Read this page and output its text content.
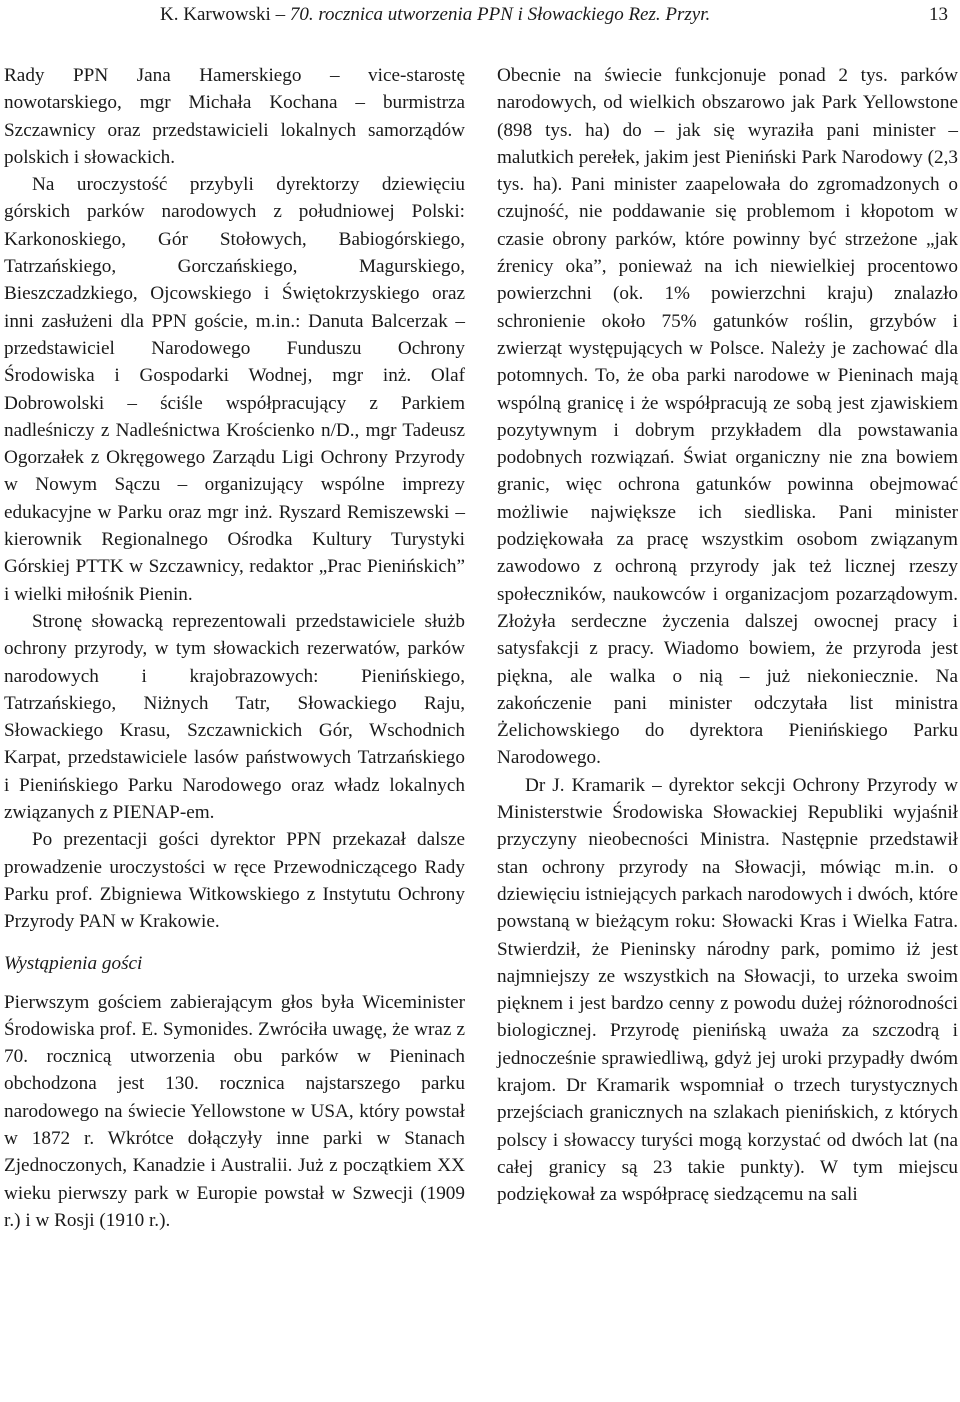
K. Karwowski – 70. rocznica utworzenia PPN i Słowackiego Rez. Przyr.	13

Rady PPN Jana Hamerskiego – vice-starostę nowotarskiego, mgr Michała Kochana – burmistrza Szczawnicy oraz przedstawicieli lokalnych samorządów polskich i słowackich.

Na uroczystość przybyli dyrektorzy dziewięciu górskich parków narodowych z południowej Polski: Karkonoskiego, Gór Stołowych, Babiogórskiego, Tatrzańskiego, Gorczańskiego, Magurskiego, Bieszczadzkiego, Ojcowskiego i Świętokrzyskiego oraz inni zasłużeni dla PPN goście, m.in.: Danuta Balcerzak – przedstawiciel Narodowego Funduszu Ochrony Środowiska i Gospodarki Wodnej, mgr inż. Olaf Dobrowolski – ściśle współpracujący z Parkiem nadleśniczy z Nadleśnictwa Krościenko n/D., mgr Tadeusz Ogorzałek z Okręgowego Zarządu Ligi Ochrony Przyrody w Nowym Sączu – organizujący wspólne imprezy edukacyjne w Parku oraz mgr inż. Ryszard Remiszewski – kierownik Regionalnego Ośrodka Kultury Turystyki Górskiej PTTK w Szczawnicy, redaktor „Prac Pienińskich” i wielki miłośnik Pienin.

Stronę słowacką reprezentowali przedstawiciele służb ochrony przyrody, w tym słowackich rezerwatów, parków narodowych i krajobrazowych: Pienińskiego, Tatrzańskiego, Niżnych Tatr, Słowackiego Raju, Słowackiego Krasu, Szczawnickich Gór, Wschodnich Karpat, przedstawiciele lasów państwowych Tatrzańskiego i Pienińskiego Parku Narodowego oraz władz lokalnych związanych z PIENAP-em.

Po prezentacji gości dyrektor PPN przekazał dalsze prowadzenie uroczystości w ręce Przewodniczącego Rady Parku prof. Zbigniewa Witkowskiego z Instytutu Ochrony Przyrody PAN w Krakowie.

Wystąpienia gości

Pierwszym gościem zabierającym głos była Wiceminister Środowiska prof. E. Symonides. Zwróciła uwagę, że wraz z 70. rocznicą utworzenia obu parków w Pieninach obchodzona jest 130. rocznica najstarszego parku narodowego na świecie Yellowstone w USA, który powstał w 1872 r. Wkrótce dołączyły inne parki w Stanach Zjednoczonych, Kanadzie i Australii. Już z początkiem XX wieku pierwszy park w Europie powstał w Szwecji (1909 r.) i w Rosji (1910 r.).

Obecnie na świecie funkcjonuje ponad 2 tys. parków narodowych, od wielkich obszarowo jak Park Yellowstone (898 tys. ha) do – jak się wyraziła pani minister – malutkich perełek, jakim jest Pieniński Park Narodowy (2,3 tys. ha). Pani minister zaapelowała do zgromadzonych o czujność, nie poddawanie się problemom i kłopotom w czasie obrony parków, które powinny być strzeżone „jak źrenicy oka”, ponieważ na ich niewielkiej procentowo powierzchni (ok. 1% powierzchni kraju) znalazło schronienie około 75% gatunków roślin, grzybów i zwierząt występujących w Polsce. Należy je zachować dla potomnych. To, że oba parki narodowe w Pieninach mają wspólną granicę i że współpracują ze sobą jest zjawiskiem pozytywnym i dobrym przykładem dla powstawania podobnych rozwiązań. Świat organiczny nie zna bowiem granic, więc ochrona gatunków powinna obejmować możliwie największe ich siedliska. Pani minister podziękowała za pracę wszystkim osobom związanym zawodowo z ochroną przyrody jak też licznej rzeszy społeczników, naukowców i organizacjom pozarządowym. Złożyła serdeczne życzenia dalszej owocnej pracy i satysfakcji z pracy. Wiadomo bowiem, że przyroda jest piękna, ale walka o nią – już niekoniecznie. Na zakończenie pani minister odczytała list ministra Żelichowskiego do dyrektora Pienińskiego Parku Narodowego.

Dr J. Kramarik – dyrektor sekcji Ochrony Przyrody w Ministerstwie Środowiska Słowackiej Republiki wyjaśnił przyczyny nieobecności Ministra. Następnie przedstawił stan ochrony przyrody na Słowacji, mówiąc m.in. o dziewięciu istniejących parkach narodowych i dwóch, które powstaną w bieżącym roku: Słowacki Kras i Wielka Fatra. Stwierdził, że Pieninsky národny park, pomimo iż jest najmniejszy ze wszystkich na Słowacji, to urzeka swoim pięknem i jest bardzo cenny z powodu dużej różnorodności biologicznej. Przyrodę pienińską uważa za szczodrą i jednocześnie sprawiedliwą, gdyż jej uroki przypadły dwóm krajom. Dr Kramarik wspomniał o trzech turystycznych przejściach granicznych na szlakach pienińskich, z których polscy i słowaccy turyści mogą korzystać od dwóch lat (na całej granicy są 23 takie punkty). W tym miejscu podziękował za współpracę siedzącemu na sali
